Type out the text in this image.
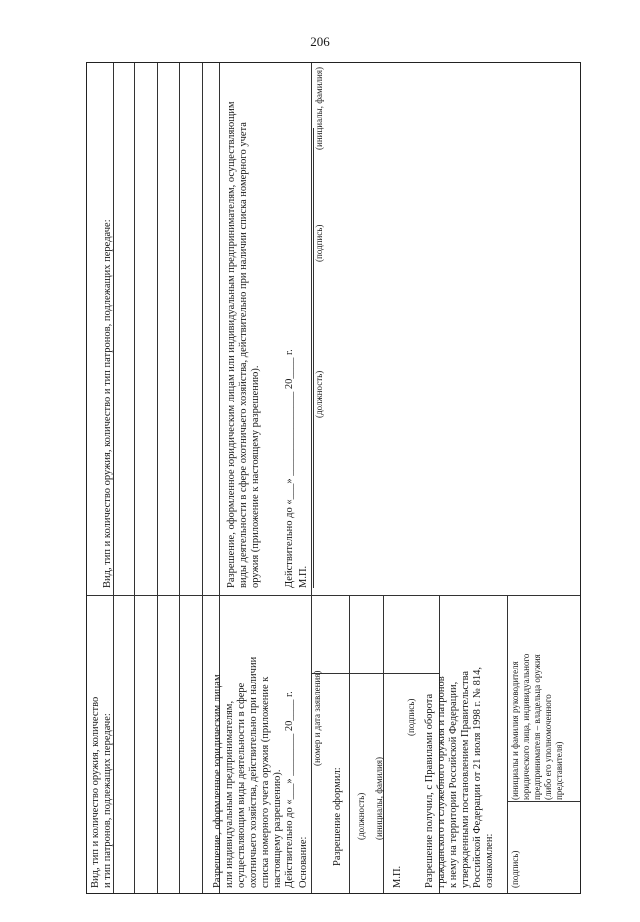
206
Вид, тип и количество оружия, количество и тип патронов, подлежащих передаче:
Вид, тип и количество оружия, количество и тип патронов, подлежащих передаче:
Разрешение, оформленное юридическим лицам или индивидуальным предпринимателям, осуществляющим виды деятельности в сфере охотничьего хозяйства, действительно при наличии списка номерного учета оружия (приложение к настоящему разрешению). Действительно до «___» ________________ 20____ г. М.П.
(должность)
(подпись)
(инициалы, фамилия)
Разрешение, оформленное юридическим лицам или индивидуальным предпринимателям, осуществляющим виды деятельности в сфере охотничьего хозяйства, действительно при наличии списка номерного учета оружия (приложение к настоящему разрешению). Действительно до «___» ________ 20____ г. Основание:
(номер и дата заявления)
Разрешение оформил: (должность) (инициалы, фамилия)
М.П.
(подпись) Разрешение получил, с Правилами оборота гражданского и служебного оружия и патронов к нему на территории Российской Федерации, утвержденными постановлением Правительства Российской Федерации от 21 июля 1998 г. № 814, ознакомлен: (подпись)
(инициалы и фамилия руководителя юридического лица, индивидуального предпринимателя – владельца оружия (либо его уполномоченного представителя)
